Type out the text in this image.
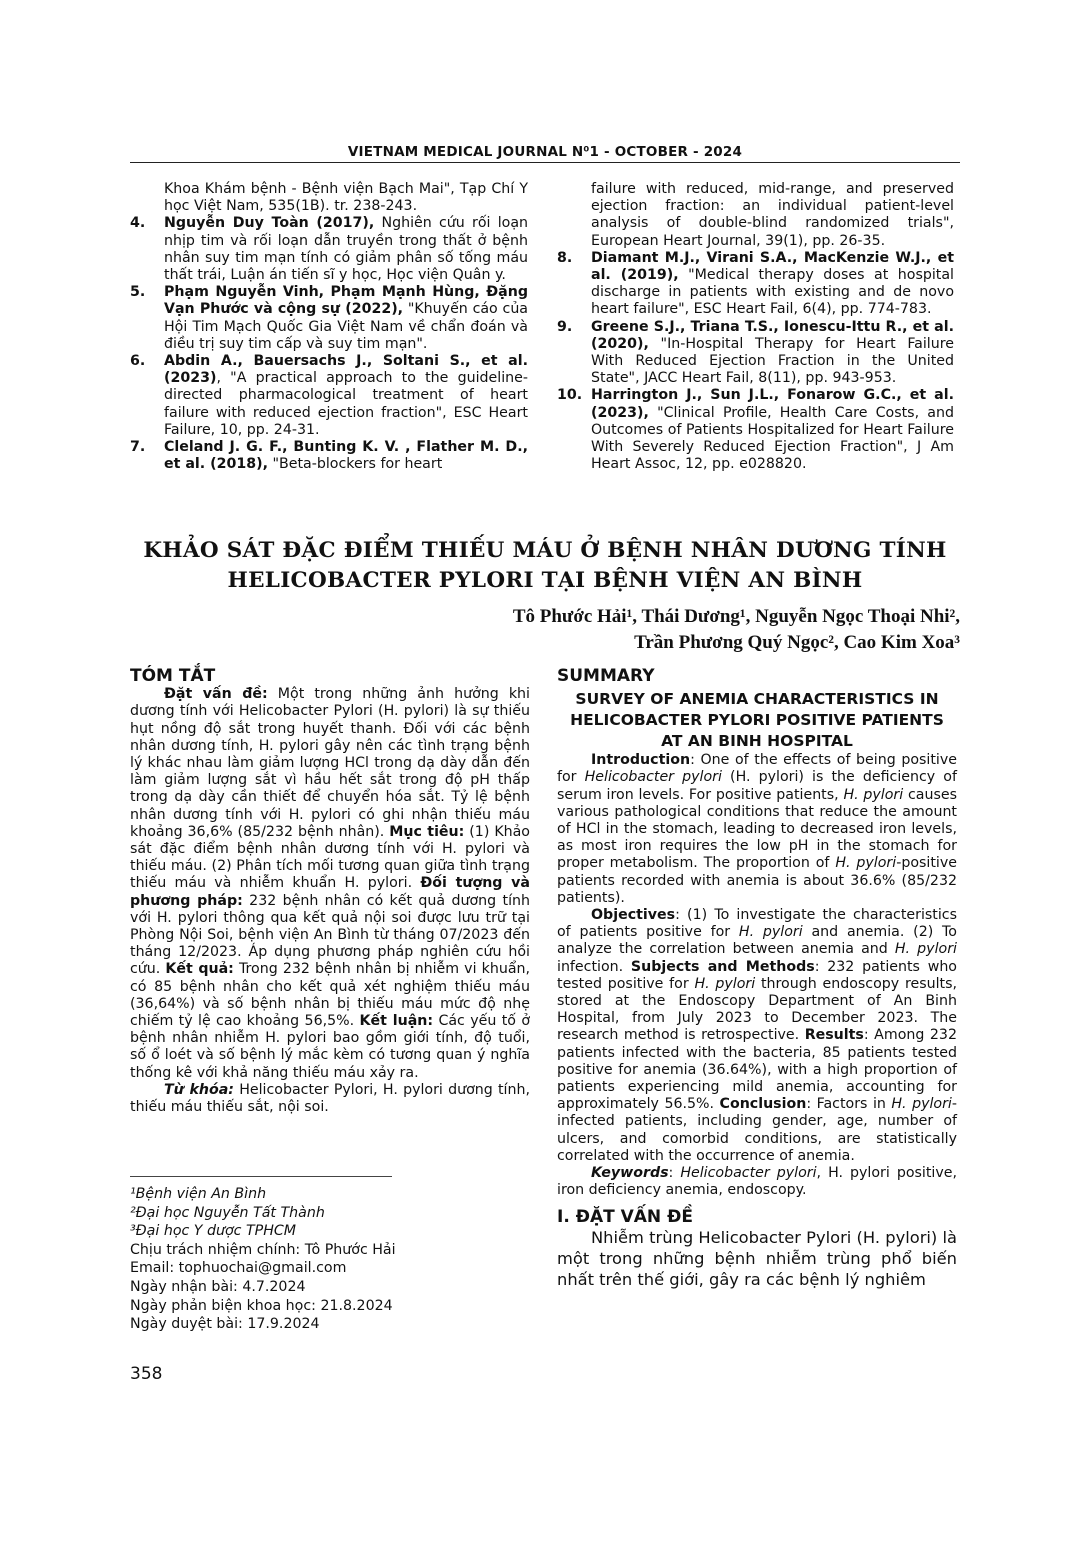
VIETNAM MEDICAL JOURNAL N⁰1 - OCTOBER - 2024

Khoa Khám bệnh - Bệnh viện Bạch Mai", Tạp Chí Y học Việt Nam, 535(1B). tr. 238-243.

4. Nguyễn Duy Toàn (2017), Nghiên cứu rối loạn nhịp tim và rối loạn dẫn truyền trong thất ở bệnh nhân suy tim mạn tính có giảm phân số tống máu thất trái, Luận án tiến sĩ y học, Học viện Quân y.
5. Phạm Nguyễn Vinh, Phạm Mạnh Hùng, Đặng Vạn Phước và cộng sự (2022), "Khuyến cáo của Hội Tim Mạch Quốc Gia Việt Nam về chẩn đoán và điều trị suy tim cấp và suy tim mạn".
6. Abdin A., Bauersachs J., Soltani S., et al. (2023), "A practical approach to the guideline-directed pharmacological treatment of heart failure with reduced ejection fraction", ESC Heart Failure, 10, pp. 24-31.
7. Cleland J. G. F., Bunting K. V. , Flather M. D., et al. (2018), "Beta-blockers for heart

failure with reduced, mid-range, and preserved ejection fraction: an individual patient-level analysis of double-blind randomized trials", European Heart Journal, 39(1), pp. 26-35.

8. Diamant M.J., Virani S.A., MacKenzie W.J., et al. (2019), "Medical therapy doses at hospital discharge in patients with existing and de novo heart failure", ESC Heart Fail, 6(4), pp. 774-783.
9. Greene S.J., Triana T.S., Ionescu-Ittu R., et al. (2020), "In-Hospital Therapy for Heart Failure With Reduced Ejection Fraction in the United State", JACC Heart Fail, 8(11), pp. 943-953.
10. Harrington J., Sun J.L., Fonarow G.C., et al. (2023), "Clinical Profile, Health Care Costs, and Outcomes of Patients Hospitalized for Heart Failure With Severely Reduced Ejection Fraction", J Am Heart Assoc, 12, pp. e028820.
KHẢO SÁT ĐẶC ĐIỂM THIẾU MÁU Ở BỆNH NHÂN DƯƠNG TÍNH
HELICOBACTER PYLORI TẠI BỆNH VIỆN AN BÌNH
Tô Phước Hải¹, Thái Dương¹, Nguyễn Ngọc Thoại Nhi²,
Trần Phương Quý Ngọc², Cao Kim Xoa³

TÓM TẮT

Đặt vấn đề: Một trong những ảnh hưởng khi dương tính với Helicobacter Pylori (H. pylori) là sự thiếu hụt nồng độ sắt trong huyết thanh. Đối với các bệnh nhân dương tính, H. pylori gây nên các tình trạng bệnh lý khác nhau làm giảm lượng HCl trong dạ dày dẫn đến làm giảm lượng sắt vì hầu hết sắt trong độ pH thấp trong dạ dày cần thiết để chuyển hóa sắt. Tỷ lệ bệnh nhân dương tính với H. pylori có ghi nhận thiếu máu khoảng 36,6% (85/232 bệnh nhân). Mục tiêu: (1) Khảo sát đặc điểm bệnh nhân dương tính với H. pylori và thiếu máu. (2) Phân tích mối tương quan giữa tình trạng thiếu máu và nhiễm khuẩn H. pylori. Đối tượng và phương pháp: 232 bệnh nhân có kết quả dương tính với H. pylori thông qua kết quả nội soi được lưu trữ tại Phòng Nội Soi, bệnh viện An Bình từ tháng 07/2023 đến tháng 12/2023. Áp dụng phương pháp nghiên cứu hồi cứu. Kết quả: Trong 232 bệnh nhân bị nhiễm vi khuẩn, có 85 bệnh nhân cho kết quả xét nghiệm thiếu máu (36,64%) và số bệnh nhân bị thiếu máu mức độ nhẹ chiếm tỷ lệ cao khoảng 56,5%. Kết luận: Các yếu tố ở bệnh nhân nhiễm H. pylori bao gồm giới tính, độ tuổi, số ổ loét và số bệnh lý mắc kèm có tương quan ý nghĩa thống kê với khả năng thiếu máu xảy ra.

Từ khóa: Helicobacter Pylori, H. pylori dương tính, thiếu máu thiếu sắt, nội soi.

¹Bệnh viện An Bình
²Đại học Nguyễn Tất Thành
³Đại học Y dược TPHCM
Chịu trách nhiệm chính: Tô Phước Hải
Email: tophuochai@gmail.com
Ngày nhận bài: 4.7.2024
Ngày phản biện khoa học: 21.8.2024
Ngày duyệt bài: 17.9.2024

SUMMARY

SURVEY OF ANEMIA CHARACTERISTICS IN HELICOBACTER PYLORI POSITIVE PATIENTS AT AN BINH HOSPITAL

Introduction: One of the effects of being positive for Helicobacter pylori (H. pylori) is the deficiency of serum iron levels. For positive patients, H. pylori causes various pathological conditions that reduce the amount of HCl in the stomach, leading to decreased iron levels, as most iron requires the low pH in the stomach for proper metabolism. The proportion of H. pylori-positive patients recorded with anemia is about 36.6% (85/232 patients).

Objectives: (1) To investigate the characteristics of patients positive for H. pylori and anemia. (2) To analyze the correlation between anemia and H. pylori infection. Subjects and Methods: 232 patients who tested positive for H. pylori through endoscopy results, stored at the Endoscopy Department of An Binh Hospital, from July 2023 to December 2023. The research method is retrospective. Results: Among 232 patients infected with the bacteria, 85 patients tested positive for anemia (36.64%), with a high proportion of patients experiencing mild anemia, accounting for approximately 56.5%. Conclusion: Factors in H. pylori-infected patients, including gender, age, number of ulcers, and comorbid conditions, are statistically correlated with the occurrence of anemia.

Keywords: Helicobacter pylori, H. pylori positive, iron deficiency anemia, endoscopy.

I. ĐẶT VẤN ĐỀ

Nhiễm trùng Helicobacter Pylori (H. pylori) là một trong những bệnh nhiễm trùng phổ biến nhất trên thế giới, gây ra các bệnh lý nghiêm

358
